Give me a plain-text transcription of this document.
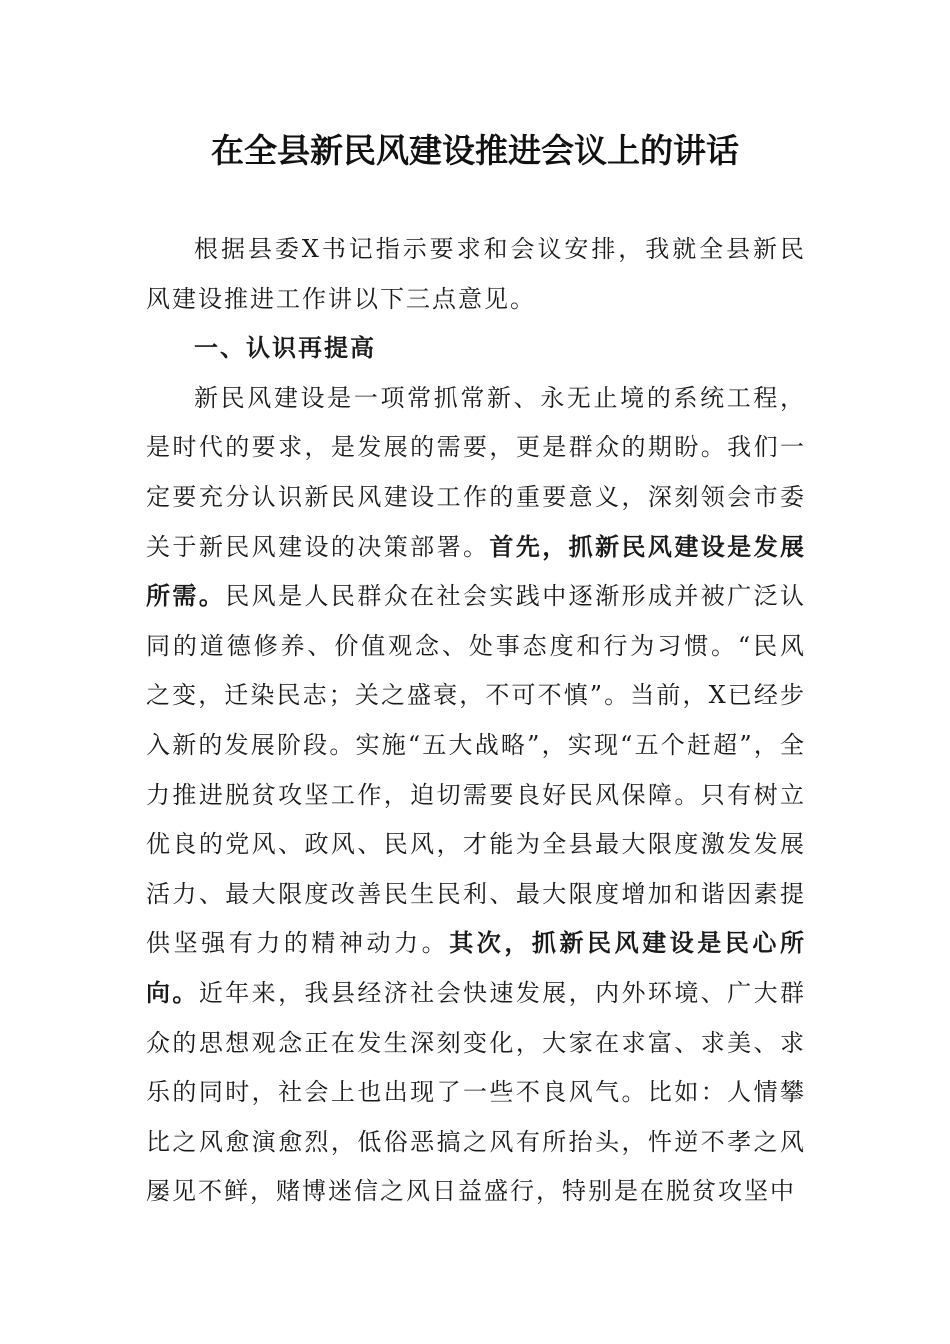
在全县新民风建设推进会议上的讲话

根据县委X书记指示要求和会议安排，我就全县新民风建设推进工作讲以下三点意见。

一、认识再提高

新民风建设是一项常抓常新、永无止境的系统工程，是时代的要求，是发展的需要，更是群众的期盼。我们一定要充分认识新民风建设工作的重要意义，深刻领会市委关于新民风建设的决策部署。首先，抓新民风建设是发展所需。民风是人民群众在社会实践中逐渐形成并被广泛认同的道德修养、价值观念、处事态度和行为习惯。“民风之变，迁染民志；关之盛衰，不可不慎”。当前，X已经步入新的发展阶段。实施“五大战略”，实现“五个赶超”，全力推进脱贫攻坚工作，迫切需要良好民风保障。只有树立优良的党风、政风、民风，才能为全县最大限度激发发展活力、最大限度改善民生民利、最大限度增加和谐因素提供坚强有力的精神动力。其次，抓新民风建设是民心所向。近年来，我县经济社会快速发展，内外环境、广大群众的思想观念正在发生深刻变化，大家在求富、求美、求乐的同时，社会上也出现了一些不良风气。比如：人情攀比之风愈演愈烈，低俗恶搞之风有所抬头，忤逆不孝之风屡见不鲜，赌博迷信之风日益盛行，特别是在脱贫攻坚中
